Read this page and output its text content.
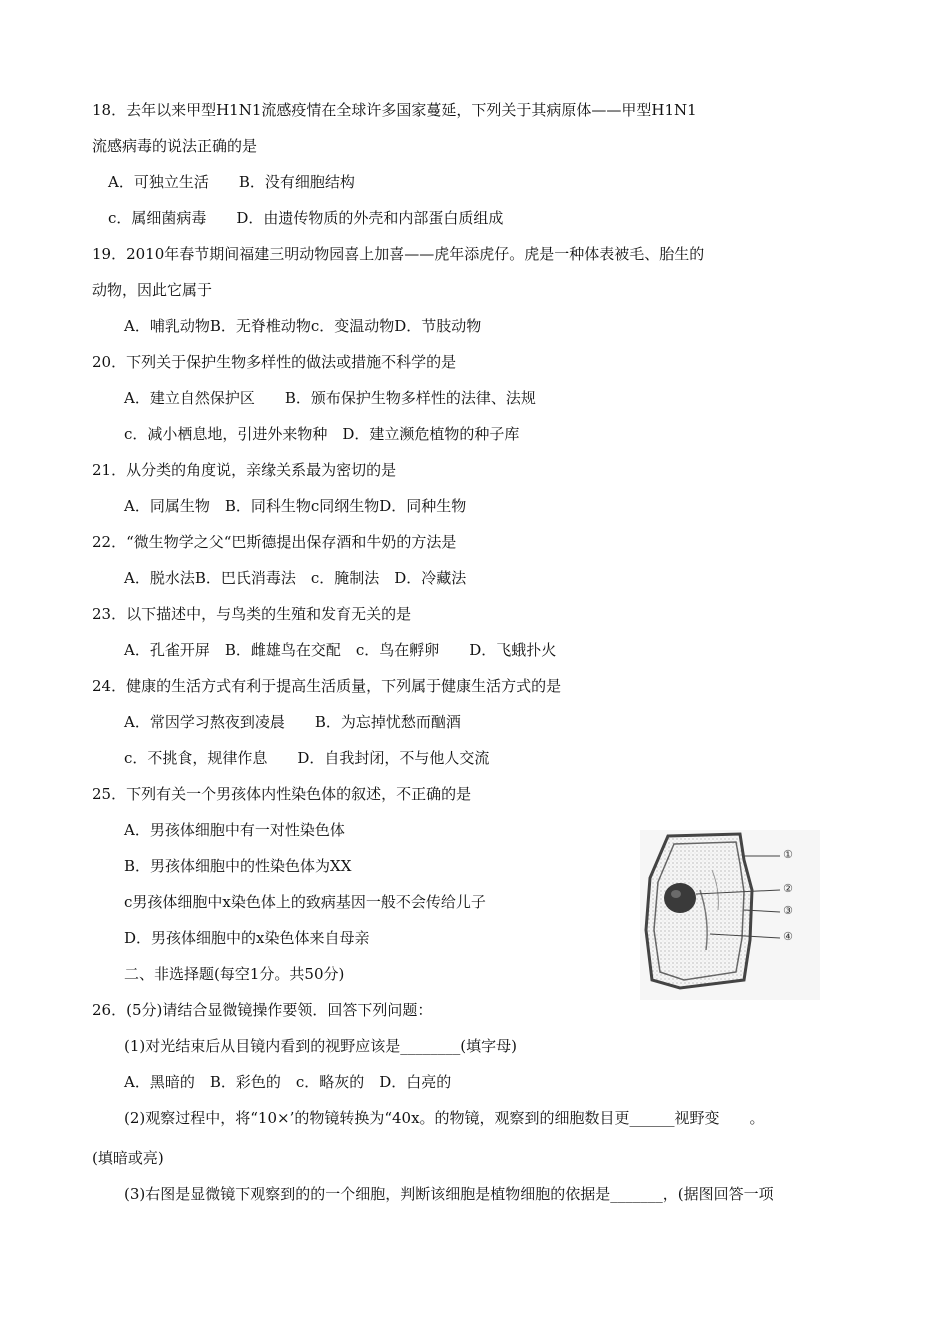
18．去年以来甲型H1N1流感疫情在全球许多国家蔓延，下列关于其病原体——甲型H1N1
流感病毒的说法正确的是
A．可独立生活　　B．没有细胞结构
c．属细菌病毒　　D．由遗传物质的外壳和内部蛋白质组成
19．2010年春节期间福建三明动物园喜上加喜——虎年添虎仔。虎是一种体表被毛、胎生的
动物，因此它属于
A．哺乳动物B．无脊椎动物c．变温动物D．节肢动物
20．下列关于保护生物多样性的做法或措施不科学的是
A．建立自然保护区　　B．颁布保护生物多样性的法律、法规
c．减小栖息地，引进外来物种　D．建立濒危植物的种子库
21．从分类的角度说，亲缘关系最为密切的是
A．同属生物　B．同科生物c同纲生物D．同种生物
22．“微生物学之父“巴斯德提出保存酒和牛奶的方法是
A．脱水法B．巴氏消毒法　c．腌制法　D．冷藏法
23．以下描述中，与鸟类的生殖和发育无关的是
A．孔雀开屏　B．雌雄鸟在交配　c．鸟在孵卵　　D．飞蛾扑火
24．健康的生活方式有利于提高生活质量，下列属于健康生活方式的是
A．常因学习熬夜到凌晨　　B．为忘掉忧愁而酗酒
c．不挑食，规律作息　　D．自我封闭，不与他人交流
25．下列有关一个男孩体内性染色体的叙述，不正确的是
A．男孩体细胞中有一对性染色体
B．男孩体细胞中的性染色体为XX
c男孩体细胞中x染色体上的致病基因一般不会传给儿子
D．男孩体细胞中的x染色体来自母亲
二、非选择题(每空1分。共50分)
26．(5分)请结合显微镜操作要领．回答下列问题：
(1)对光结束后从目镜内看到的视野应该是________(填字母)
A．黑暗的　B．彩色的　c．略灰的　D．白亮的
(2)观察过程中，将“10×’的物镜转换为“40x。的物镜，观察到的细胞数目更______视野变　　。
(填暗或亮)
(3)右图是显微镜下观察到的的一个细胞，判断该细胞是植物细胞的依据是_______，(据图回答一项
①
②
③
④
